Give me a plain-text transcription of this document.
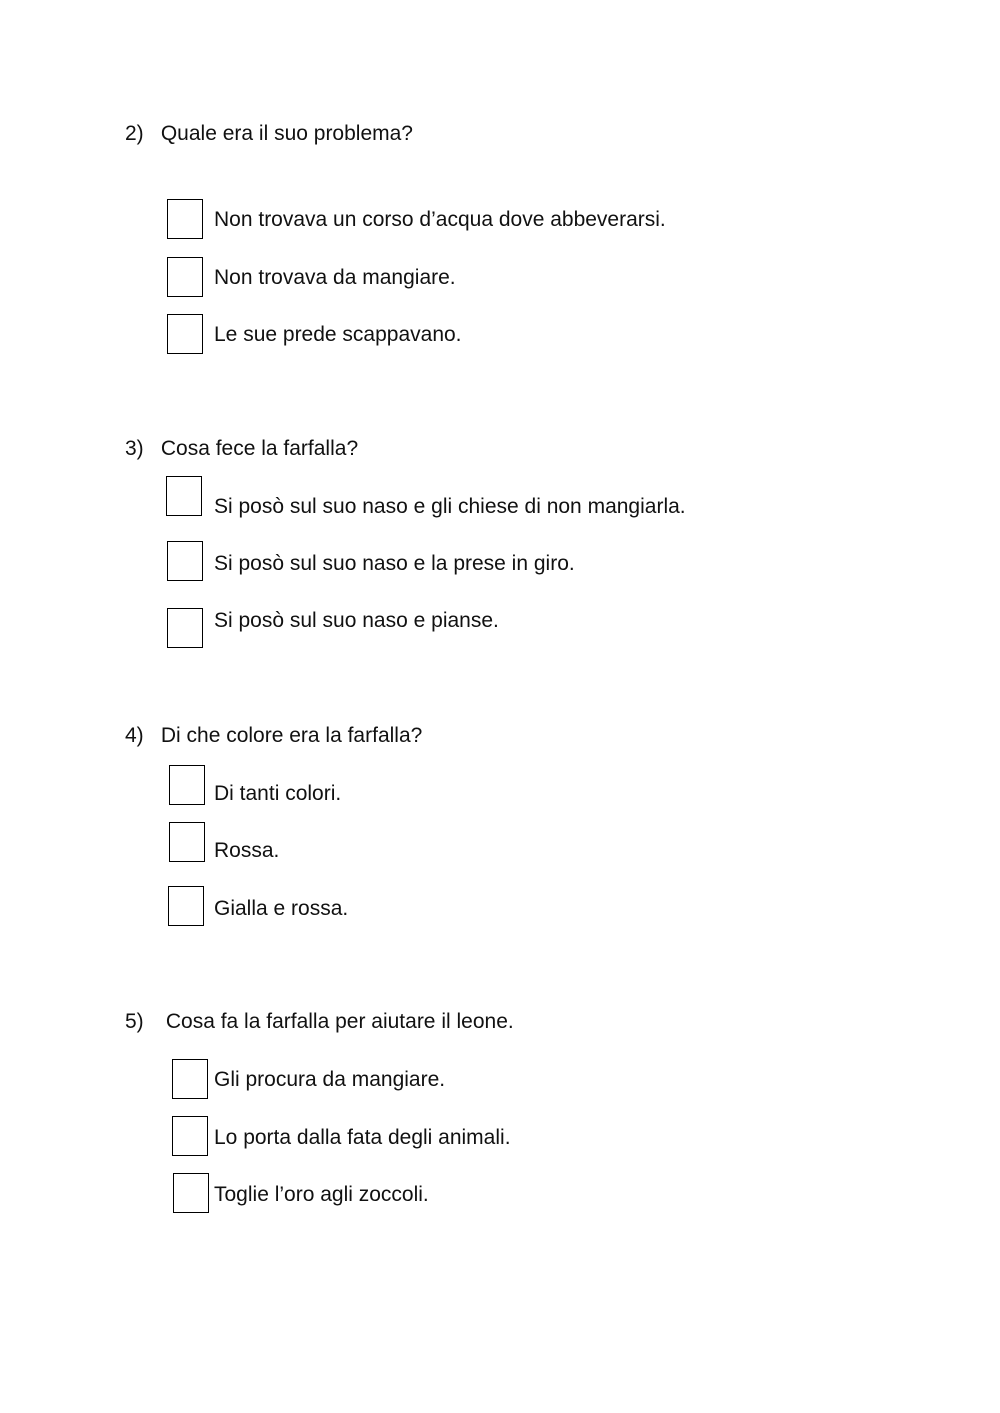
2) Quale era il suo problema?
Non trovava un corso d’acqua dove abbeverarsi.
Non trovava da mangiare.
Le sue prede scappavano.
3) Cosa fece la farfalla?
Si posò sul suo naso e gli chiese di non mangiarla.
Si posò sul suo naso e la prese in giro.
Si posò sul suo naso e pianse.
4) Di che colore era la farfalla?
Di tanti colori.
Rossa.
Gialla e rossa.
5) Cosa fa la farfalla per aiutare il leone.
Gli procura da mangiare.
Lo porta dalla fata degli animali.
Toglie l’oro agli zoccoli.
